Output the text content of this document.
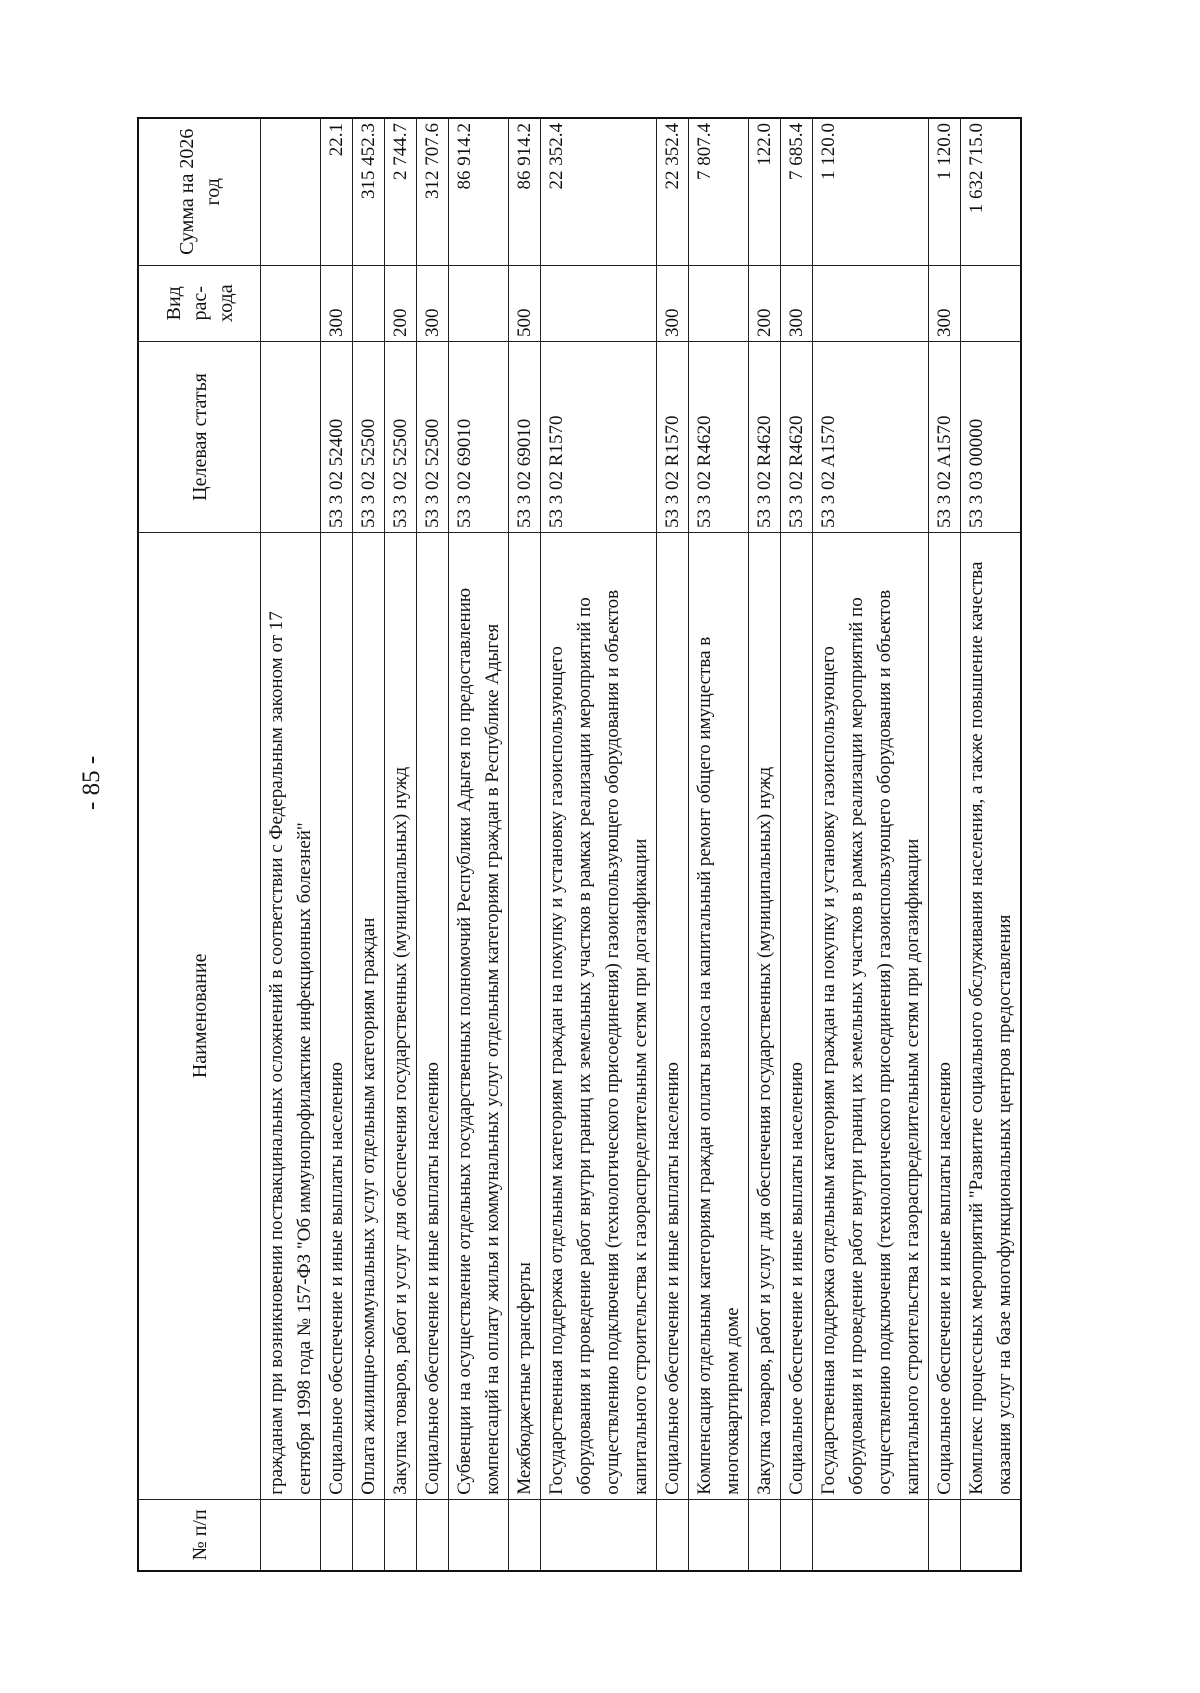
- 85 -
№ п/п	Наименование	Целевая статья	Вид рас-хода	Сумма на 2026 год
	гражданам при возникновении поствакцинальных осложнений в соответствии с Федеральным законом от 17 сентября 1998 года № 157-ФЗ "Об иммунопрофилактике инфекционных болезней"			
	Социальное обеспечение и иные выплаты населению	53 3 02 52400	300	22.1
	Оплата жилищно-коммунальных услуг отдельным категориям граждан	53 3 02 52500		315 452.3
	Закупка товаров, работ и услуг для обеспечения государственных (муниципальных) нужд	53 3 02 52500	200	2 744.7
	Социальное обеспечение и иные выплаты населению	53 3 02 52500	300	312 707.6
	Субвенции на осуществление отдельных государственных полномочий Республики Адыгея по предоставлению компенсаций на оплату жилья и коммунальных услуг отдельным категориям граждан в Республике Адыгея	53 3 02 69010		86 914.2
	Межбюджетные трансферты	53 3 02 69010	500	86 914.2
	Государственная поддержка отдельным категориям граждан на покупку и установку газоиспользующего оборудования и проведение работ внутри границ их земельных участков в рамках реализации мероприятий по осуществлению подключения (технологического присоединения) газоиспользующего оборудования и объектов капитального строительства к газораспределительным сетям при догазификации	53 3 02 R1570		22 352.4
	Социальное обеспечение и иные выплаты населению	53 3 02 R1570	300	22 352.4
	Компенсация отдельным категориям граждан оплаты взноса на капитальный ремонт общего имущества в многоквартирном доме	53 3 02 R4620		7 807.4
	Закупка товаров, работ и услуг для обеспечения государственных (муниципальных) нужд	53 3 02 R4620	200	122.0
	Социальное обеспечение и иные выплаты населению	53 3 02 R4620	300	7 685.4
	Государственная поддержка отдельным категориям граждан на покупку и установку газоиспользующего оборудования и проведение работ внутри границ их земельных участков в рамках реализации мероприятий по осуществлению подключения (технологического присоединения) газоиспользующего оборудования и объектов капитального строительства к газораспределительным сетям при догазификации	53 3 02 A1570		1 120.0
	Социальное обеспечение и иные выплаты населению	53 3 02 A1570	300	1 120.0
	Комплекс процессных мероприятий "Развитие социального обслуживания населения, а также повышение качества оказания услуг на базе многофункциональных центров предоставления	53 3 03 00000		1 632 715.0
